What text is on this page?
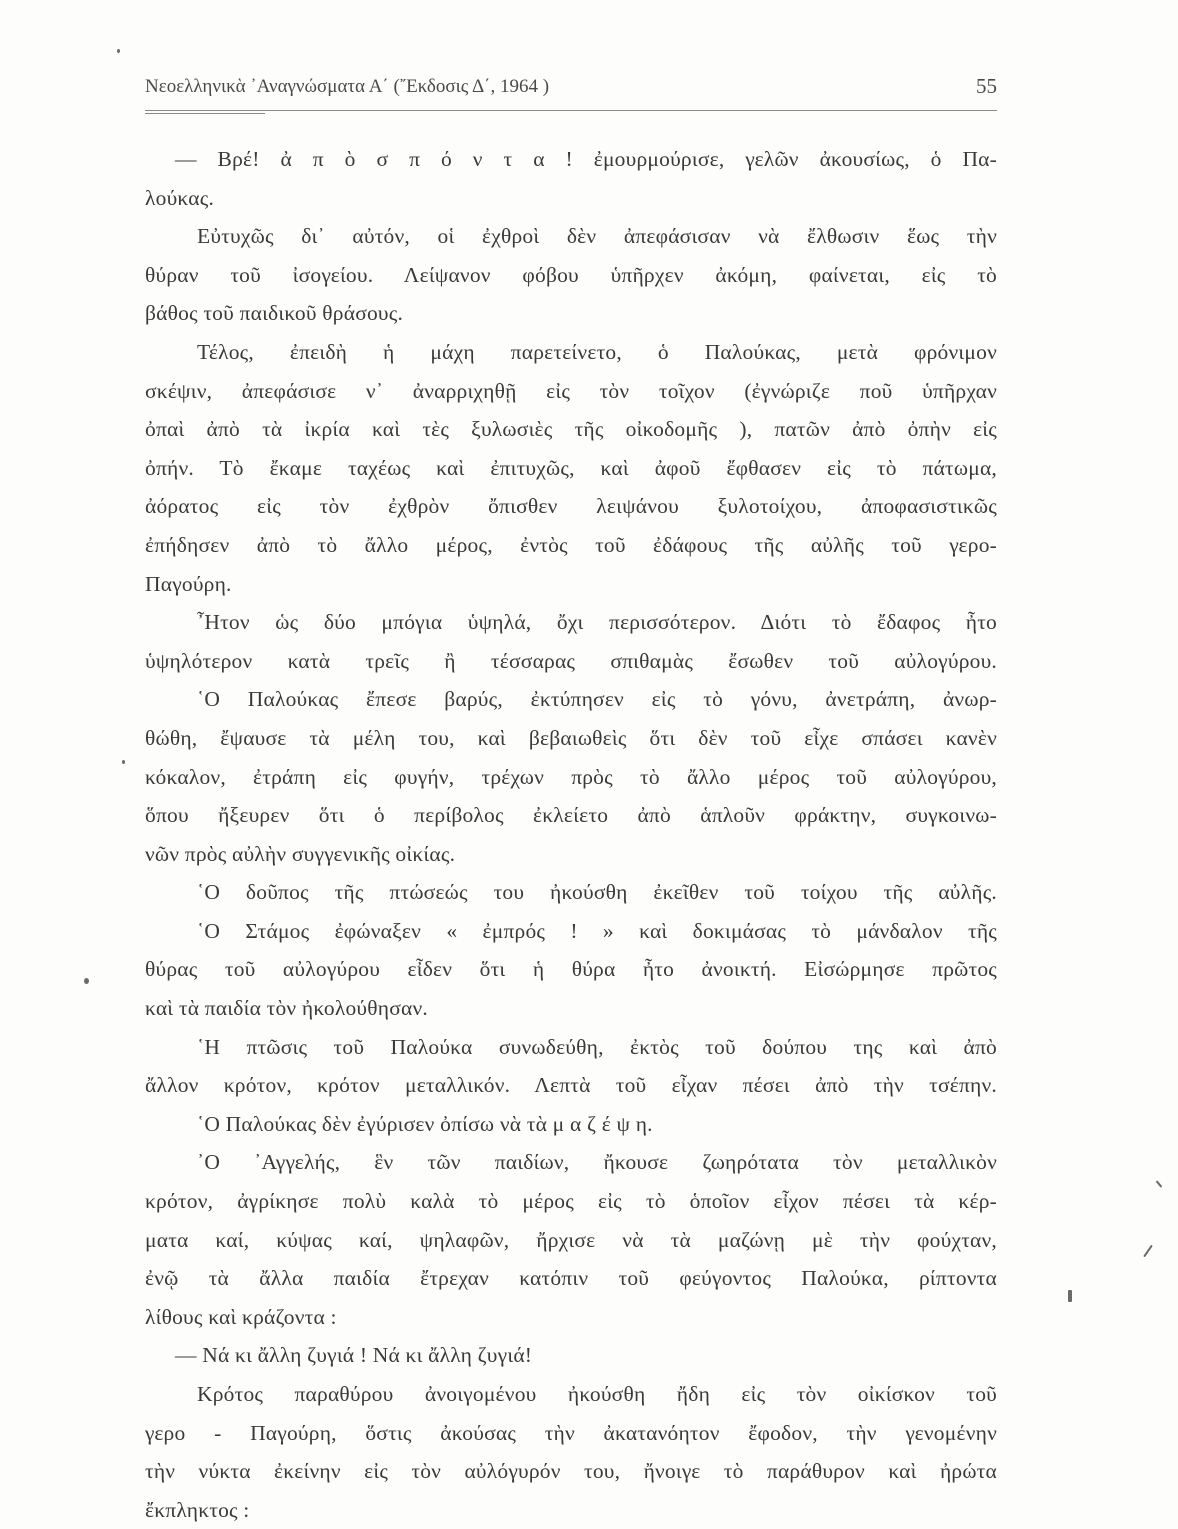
Νεοελληνικὰ ᾽Αναγνώσματα Α΄ (῎Εκδοσις Δ΄, 1964 )	55
— Βρέ! ἀ π ὸ σ π ό ν τ α ! ἐμουρμούρισε, γελῶν ἀκουσίως, ὁ Πα-
λούκας.
Εὐτυχῶς δι᾽ αὐτόν, οἱ ἐχθροὶ δὲν ἀπεφάσισαν νὰ ἔλθωσιν ἕως τὴν
θύραν τοῦ ἰσογείου. Λείψανον φόβου ὑπῆρχεν ἀκόμη, φαίνεται, εἰς τὸ
βάθος τοῦ παιδικοῦ θράσους.
Τέλος, ἐπειδὴ ἡ μάχη παρετείνετο, ὁ Παλούκας, μετὰ φρόνιμον
σκέψιν, ἀπεφάσισε ν᾽ ἀναρριχηθῇ εἰς τὸν τοῖχον (ἐγνώριζε ποῦ ὑπῆρχαν
ὀπαὶ ἀπὸ τὰ ἰκρία καὶ τὲς ξυλωσιὲς τῆς οἰκοδομῆς ), πατῶν ἀπὸ ὀπὴν εἰς
ὀπήν. Τὸ ἔκαμε ταχέως καὶ ἐπιτυχῶς, καὶ ἀφοῦ ἔφθασεν εἰς τὸ πάτωμα,
ἀόρατος εἰς τὸν ἐχθρὸν ὄπισθεν λειψάνου ξυλοτοίχου, ἀποφασιστικῶς
ἐπήδησεν ἀπὸ τὸ ἄλλο μέρος, ἐντὸς τοῦ ἐδάφους τῆς αὐλῆς τοῦ γερο-
Παγούρη.
῏Ητον ὡς δύο μπόγια ὑψηλά, ὄχι περισσότερον. Διότι τὸ ἔδαφος ἦτο
ὑψηλότερον κατὰ τρεῖς ἢ τέσσαρας σπιθαμὰς ἔσωθεν τοῦ αὐλογύρου.
῾Ο Παλούκας ἔπεσε βαρύς, ἐκτύπησεν εἰς τὸ γόνυ, ἀνετράπη, ἀνωρ-
θώθη, ἔψαυσε τὰ μέλη του, καὶ βεβαιωθεὶς ὅτι δὲν τοῦ εἶχε σπάσει κανὲν
κόκαλον, ἐτράπη εἰς φυγήν, τρέχων πρὸς τὸ ἄλλο μέρος τοῦ αὐλογύρου,
ὅπου ἤξευρεν ὅτι ὁ περίβολος ἐκλείετο ἀπὸ ἁπλοῦν φράκτην, συγκοινω-
νῶν πρὸς αὐλὴν συγγενικῆς οἰκίας.
῾Ο δοῦπος τῆς πτώσεώς του ἠκούσθη ἐκεῖθεν τοῦ τοίχου τῆς αὐλῆς.
῾Ο Στάμος ἐφώναξεν « ἐμπρός ! » καὶ δοκιμάσας τὸ μάνδαλον τῆς
θύρας τοῦ αὐλογύρου εἶδεν ὅτι ἡ θύρα ἦτο ἀνοικτή. Εἰσώρμησε πρῶτος
καὶ τὰ παιδία τὸν ἠκολούθησαν.
῾Η πτῶσις τοῦ Παλούκα συνωδεύθη, ἐκτὸς τοῦ δούπου της καὶ ἀπὸ
ἄλλον κρότον, κρότον μεταλλικόν. Λεπτὰ τοῦ εἶχαν πέσει ἀπὸ τὴν τσέπην.
῾Ο Παλούκας δὲν ἐγύρισεν ὀπίσω νὰ τὰ μ α ζ έ ψ η.
᾽Ο ᾽Αγγελής, ἓν τῶν παιδίων, ἤκουσε ζωηρότατα τὸν μεταλλικὸν
κρότον, ἀγρίκησε πολὺ καλὰ τὸ μέρος εἰς τὸ ὁποῖον εἶχον πέσει τὰ κέρ-
ματα καί, κύψας καί, ψηλαφῶν, ἤρχισε νὰ τὰ μαζώνῃ μὲ τὴν φούχταν,
ἐνῷ τὰ ἄλλα παιδία ἔτρεχαν κατόπιν τοῦ φεύγοντος Παλούκα, ρίπτοντα
λίθους καὶ κράζοντα :
— Νά κι ἄλλη ζυγιά ! Νά κι ἄλλη ζυγιά!
Κρότος παραθύρου ἀνοιγομένου ἠκούσθη ἤδη εἰς τὸν οἰκίσκον τοῦ
γερο - Παγούρη, ὅστις ἀκούσας τὴν ἀκατανόητον ἔφοδον, τὴν γενομένην
τὴν νύκτα ἐκείνην εἰς τὸν αὐλόγυρόν του, ἤνοιγε τὸ παράθυρον καὶ ἠρώτα
ἔκπληκτος :
